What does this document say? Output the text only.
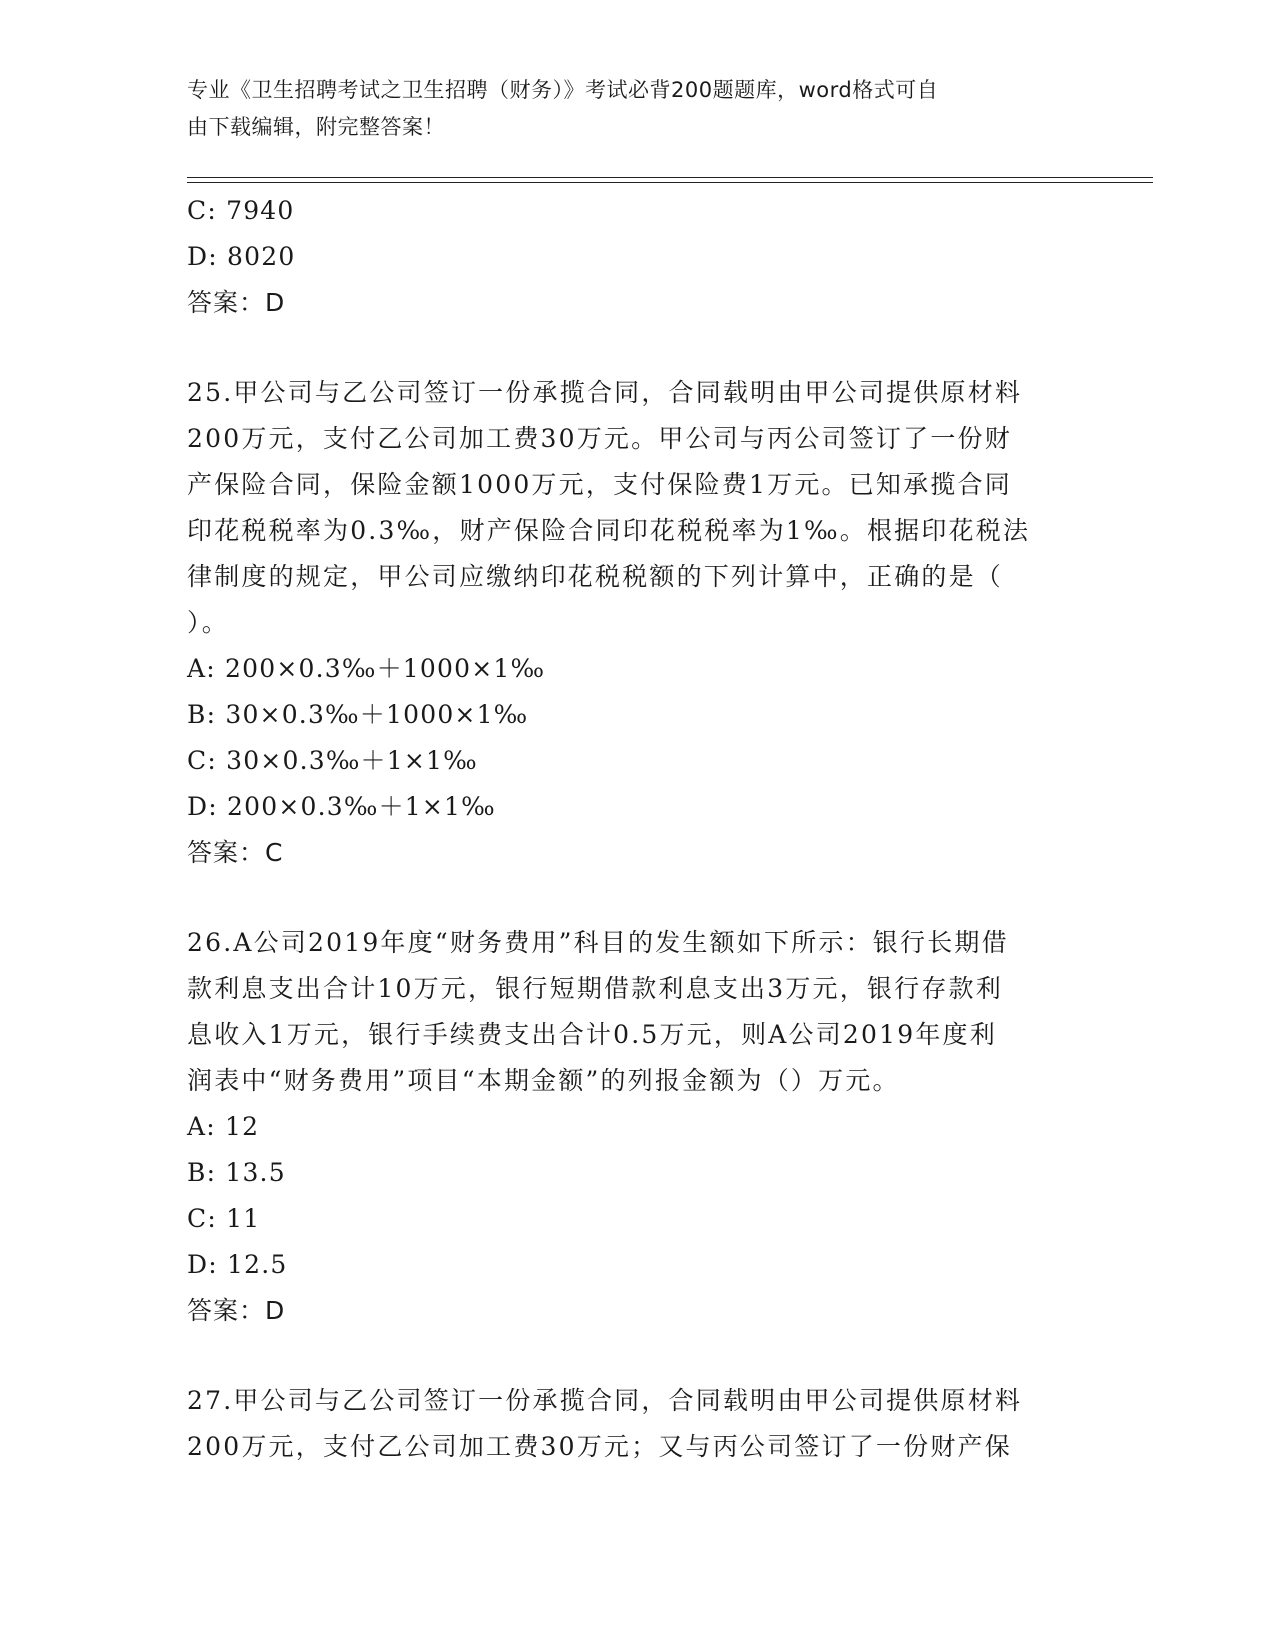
专业《卫生招聘考试之卫生招聘（财务）》考试必背200题题库，word格式可自
由下载编辑，附完整答案！
C: 7940
D: 8020
答案：D
25.甲公司与乙公司签订一份承揽合同，合同载明由甲公司提供原材料
200万元，支付乙公司加工费30万元。甲公司与丙公司签订了一份财
产保险合同，保险金额1000万元，支付保险费1万元。已知承揽合同
印花税税率为0.3‰，财产保险合同印花税税率为1‰。根据印花税法
律制度的规定，甲公司应缴纳印花税税额的下列计算中，正确的是（
）。
A: 200×0.3‰＋1000×1‰
B: 30×0.3‰＋1000×1‰
C: 30×0.3‰＋1×1‰
D: 200×0.3‰＋1×1‰
答案：C
26.A公司2019年度“财务费用”科目的发生额如下所示：银行长期借
款利息支出合计10万元，银行短期借款利息支出3万元，银行存款利
息收入1万元，银行手续费支出合计0.5万元，则A公司2019年度利
润表中“财务费用”项目“本期金额”的列报金额为（）万元。
A: 12
B: 13.5
C: 11
D: 12.5
答案：D
27.甲公司与乙公司签订一份承揽合同，合同载明由甲公司提供原材料
200万元，支付乙公司加工费30万元；又与丙公司签订了一份财产保
